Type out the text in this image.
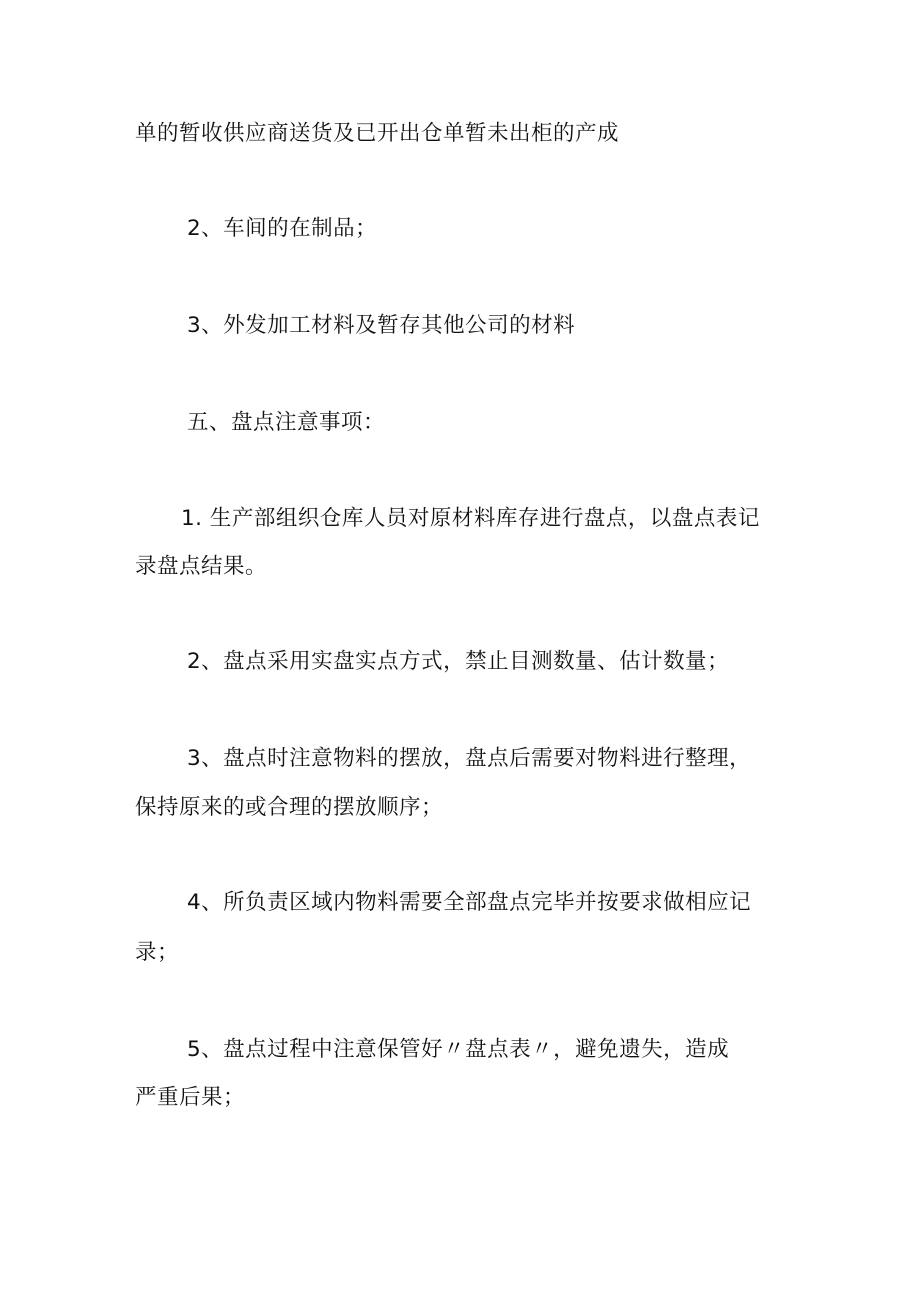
单的暂收供应商送货及已开出仓单暂未出柜的产成
2、车间的在制品；
3、外发加工材料及暂存其他公司的材料
五、盘点注意事项：
1. 生产部组织仓库人员对原材料库存进行盘点，以盘点表记
录盘点结果。
2、盘点采用实盘实点方式，禁止目测数量、估计数量；
3、盘点时注意物料的摆放，盘点后需要对物料进行整理，
保持原来的或合理的摆放顺序；
4、所负责区域内物料需要全部盘点完毕并按要求做相应记
录；
5、盘点过程中注意保管好〃盘点表〃，避免遗失，造成
严重后果；
